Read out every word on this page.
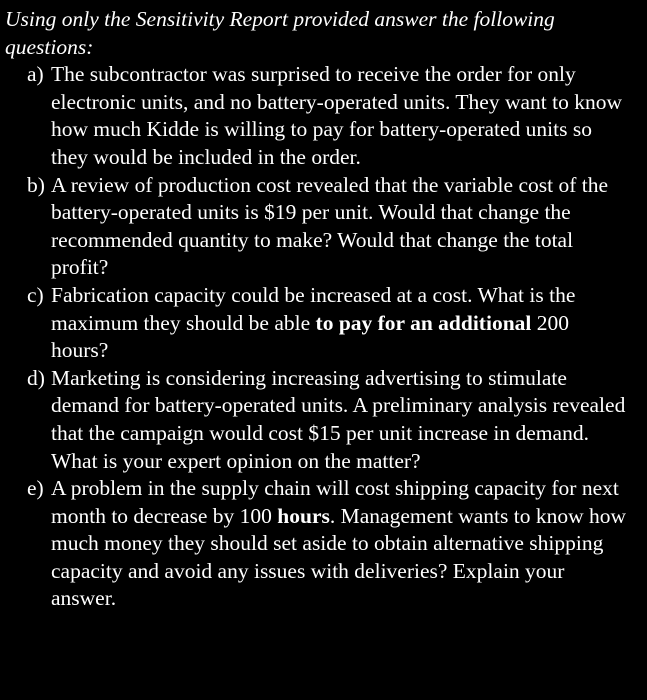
Using only the Sensitivity Report provided answer the following questions:

a) The subcontractor was surprised to receive the order for only electronic units, and no battery-operated units. They want to know how much Kidde is willing to pay for battery-operated units so they would be included in the order.
b) A review of production cost revealed that the variable cost of the battery-operated units is $19 per unit. Would that change the recommended quantity to make? Would that change the total profit?
c) Fabrication capacity could be increased at a cost. What is the maximum they should be able to pay for an additional 200 hours?
d) Marketing is considering increasing advertising to stimulate demand for battery-operated units. A preliminary analysis revealed that the campaign would cost $15 per unit increase in demand. What is your expert opinion on the matter?
e) A problem in the supply chain will cost shipping capacity for next month to decrease by 100 hours. Management wants to know how much money they should set aside to obtain alternative shipping capacity and avoid any issues with deliveries? Explain your answer.
